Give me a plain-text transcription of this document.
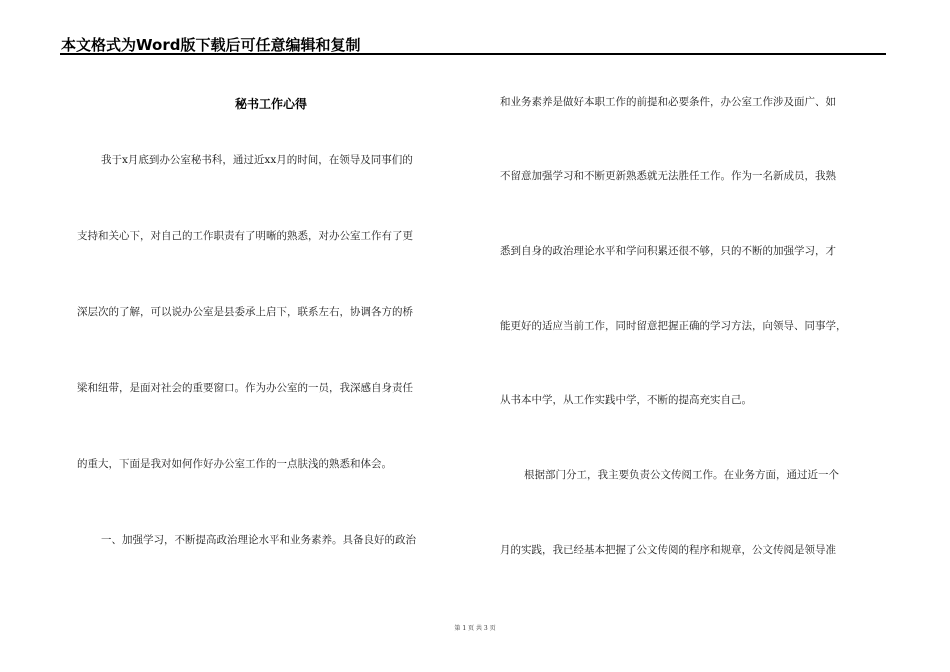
本文格式为Word版下载后可任意编辑和复制
秘书工作心得
我于x月底到办公室秘书科，通过近xx月的时间，在领导及同事们的
支持和关心下，对自己的工作职责有了明晰的熟悉，对办公室工作有了更
深层次的了解，可以说办公室是县委承上启下，联系左右，协调各方的桥
梁和纽带，是面对社会的重要窗口。作为办公室的一员，我深感自身责任
的重大，下面是我对如何作好办公室工作的一点肤浅的熟悉和体会。
一、加强学习，不断提高政治理论水平和业务素养。具备良好的政治
和业务素养是做好本职工作的前提和必要条件，办公室工作涉及面广、如
不留意加强学习和不断更新熟悉就无法胜任工作。作为一名新成员，我熟
悉到自身的政治理论水平和学问积累还很不够，只的不断的加强学习，才
能更好的适应当前工作，同时留意把握正确的学习方法，向领导、同事学，
从书本中学，从工作实践中学，不断的提高充实自己。
根据部门分工，我主要负责公文传阅工作。在业务方面，通过近一个
月的实践，我已经基本把握了公文传阅的程序和规章，公文传阅是领导准
第 1 页 共 3 页
